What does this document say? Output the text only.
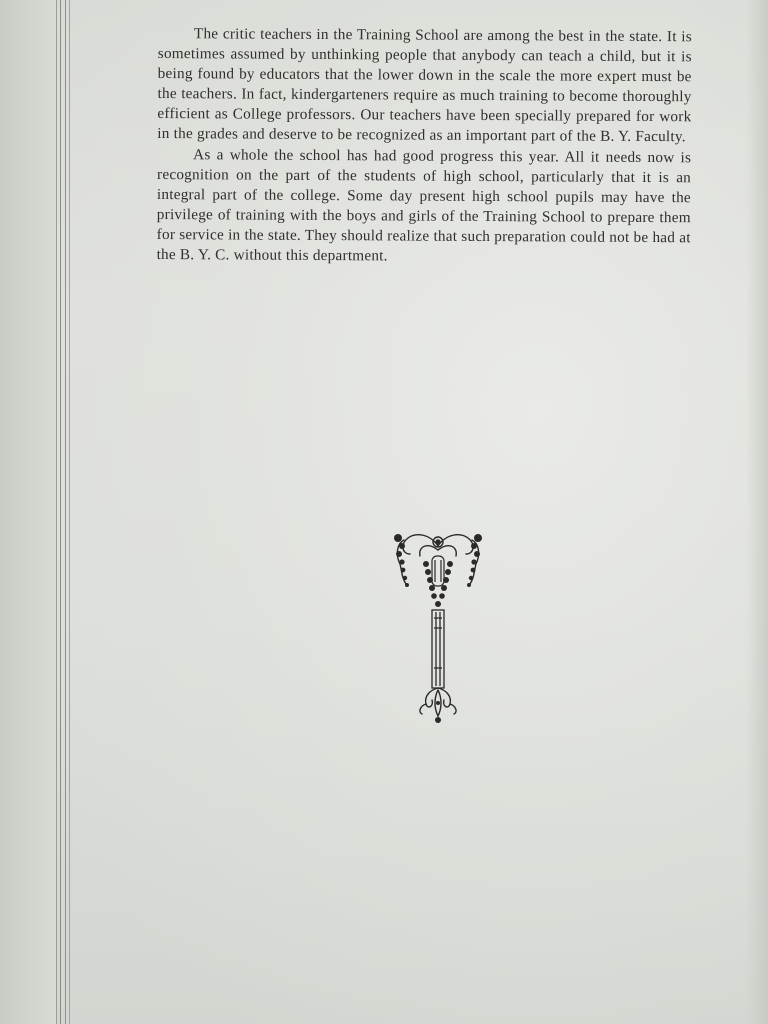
The critic teachers in the Training School are among the best in the state. It is sometimes assumed by unthinking people that anybody can teach a child, but it is being found by educators that the lower down in the scale the more expert must be the teachers. In fact, kindergarteners require as much training to become thoroughly efficient as College professors. Our teachers have been specially prepared for work in the grades and deserve to be recognized as an important part of the B. Y. Faculty.

As a whole the school has had good progress this year. All it needs now is recognition on the part of the students of high school, particularly that it is an integral part of the college. Some day present high school pupils may have the privilege of training with the boys and girls of the Training School to prepare them for service in the state. They should realize that such preparation could not be had at the B. Y. C. without this department.
